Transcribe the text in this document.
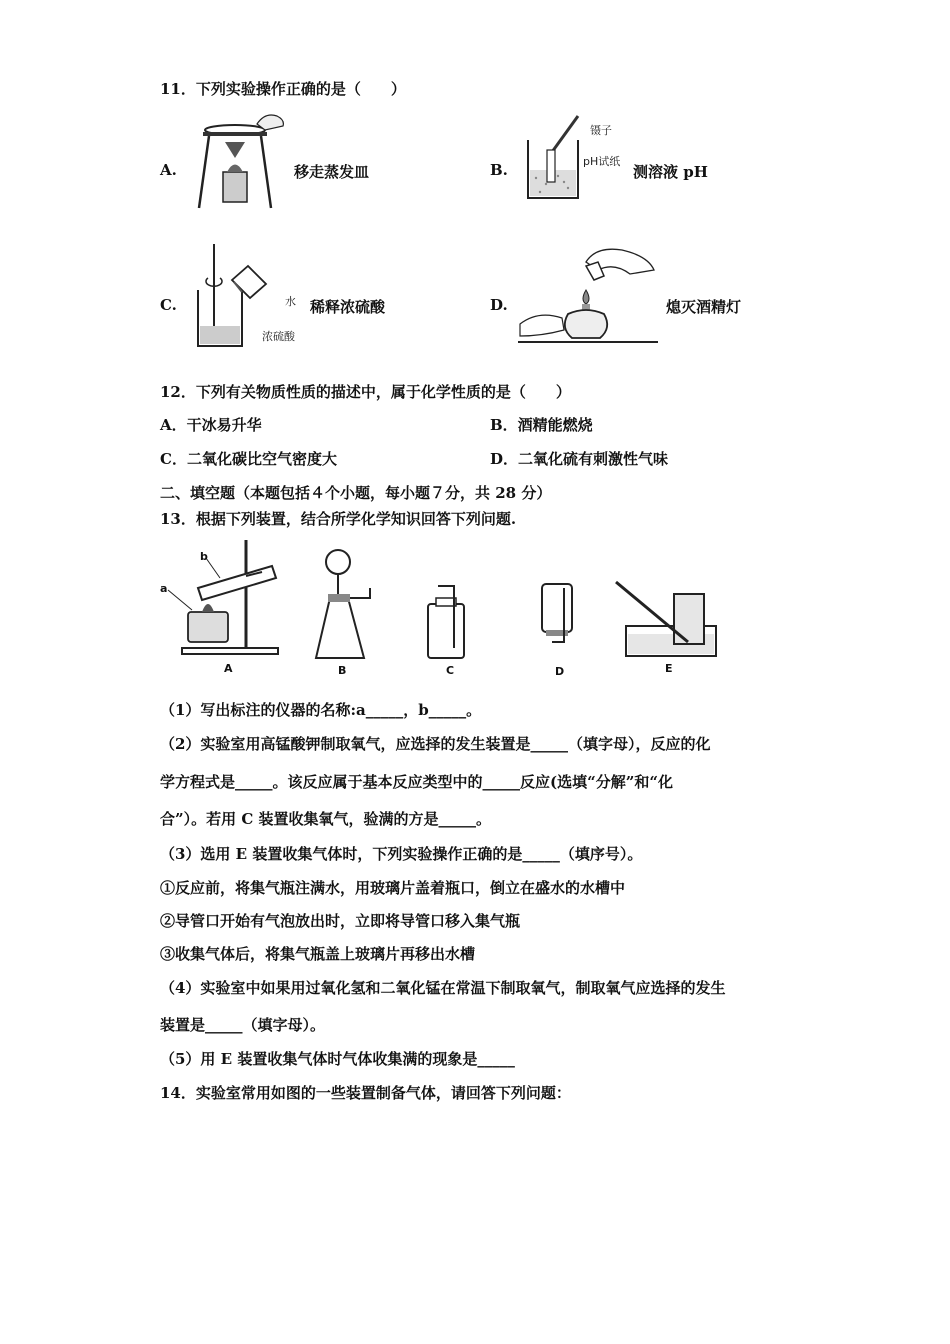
11．下列实验操作正确的是（　　）
A.	移走蒸发皿	B.
镊子
pH试纸
测溶液 pH
C.	水
浓硫酸
稀释浓硫酸	D.	熄灭酒精灯
12．下列有关物质性质的描述中，属于化学性质的是（　　）
A．干冰易升华	B．酒精能燃烧
C．二氧化碳比空气密度大	D．二氧化硫有刺激性气味
二、填空题（本题包括４个小题，每小题７分，共 28 分）
13．根据下列装置，结合所学化学知识回答下列问题.
A	B	C	D	E
a
b
（1）写出标注的仪器的名称:a_____，b_____。
（2）实验室用高锰酸钾制取氧气，应选择的发生装置是_____（填字母），反应的化
学方程式是_____。该反应属于基本反应类型中的_____反应(选填“分解”和“化
合”）。若用 C 装置收集氧气，验满的方是_____。
（3）选用 E 装置收集气体时，下列实验操作正确的是_____（填序号）。
①反应前，将集气瓶注满水，用玻璃片盖着瓶口，倒立在盛水的水槽中
②导管口开始有气泡放出时，立即将导管口移入集气瓶
③收集气体后，将集气瓶盖上玻璃片再移出水槽
（4）实验室中如果用过氧化氢和二氧化锰在常温下制取氧气，制取氧气应选择的发生
装置是_____（填字母）。
（5）用 E 装置收集气体时气体收集满的现象是_____
14．实验室常用如图的一些装置制备气体，请回答下列问题：
